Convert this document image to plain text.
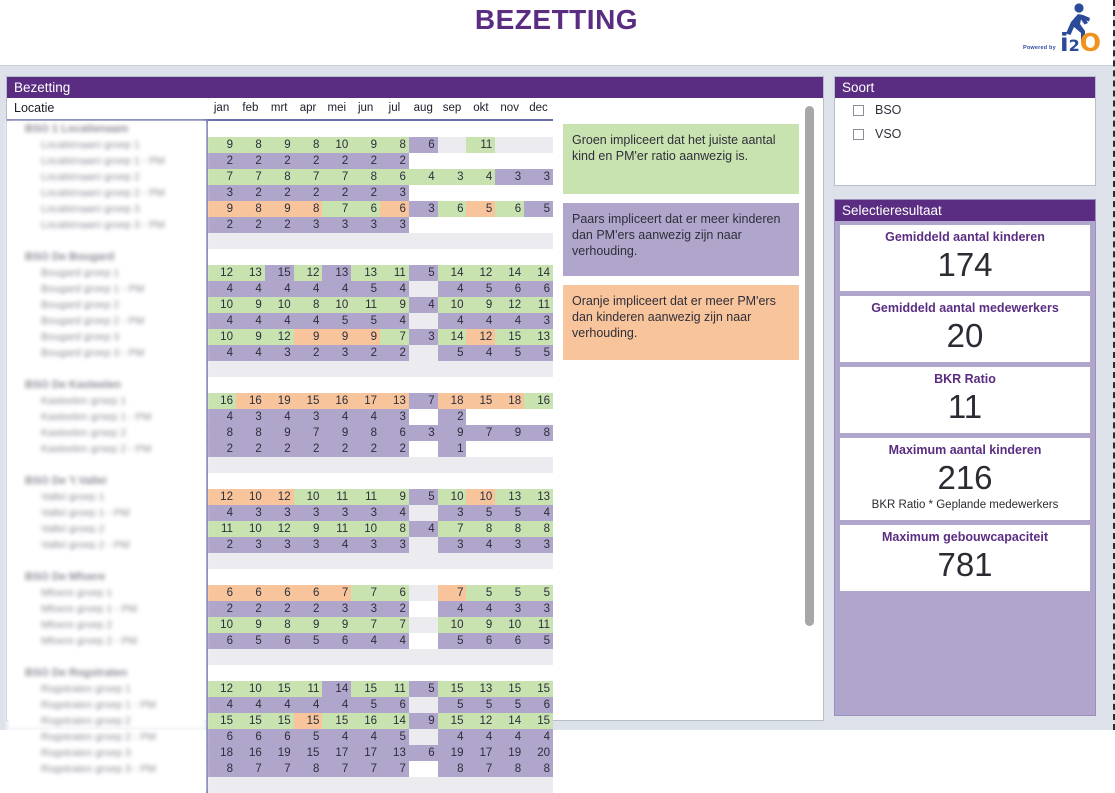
BEZETTING
Powered by i2O
Bezetting
Locatie	jan	feb	mrt	apr	mei	jun	jul	aug	sep	okt	nov	dec
BSO 1 Locatienaam												
Locatienaam groep 1	9	8	9	8	10	9	8	6		11		
Locatienaam groep 1 - PM	2	2	2	2	2	2	2					
Locatienaam groep 2	7	7	8	7	7	8	6	4	3	4	3	3
Locatienaam groep 2 - PM	3	2	2	2	2	2	3					
Locatienaam groep 3	9	8	9	8	7	6	6	3	6	5	6	5
Locatienaam groep 3 - PM	2	2	2	3	3	3	3					

BSO De Bougard												
Bougard groep 1	12	13	15	12	13	13	11	5	14	12	14	14
Bougard groep 1 - PM	4	4	4	4	4	5	4		4	5	6	6
Bougard groep 2	10	9	10	8	10	11	9	4	10	9	12	11
Bougard groep 2 - PM	4	4	4	4	5	5	4		4	4	4	3
Bougard groep 3	10	9	12	9	9	9	7	3	14	12	15	13
Bougard groep 3 - PM	4	4	3	2	3	2	2		5	4	5	5

BSO De Kasteelen												
Kasteelen groep 1	16	16	19	15	16	17	13	7	18	15	18	16
Kasteelen groep 1 - PM	4	3	4	3	4	4	3		2			
Kasteelen groep 2	8	8	9	7	9	8	6	3	9	7	9	8
Kasteelen groep 2 - PM	2	2	2	2	2	2	2		1			

BSO De 't Vallei												
Vallei groep 1	12	10	12	10	11	11	9	5	10	10	13	13
Vallei groep 1 - PM	4	3	3	3	3	3	4		3	5	5	4
Vallei groep 2	11	10	12	9	11	10	8	4	7	8	8	8
Vallei groep 2 - PM	2	3	3	3	4	3	3		3	4	3	3

BSO De Mfoere												
Mfoere groep 1	6	6	6	6	7	7	6		7	5	5	5
Mfoere groep 1 - PM	2	2	2	2	3	3	2		4	4	3	3
Mfoere groep 2	10	9	8	9	9	7	7		10	9	10	11
Mfoere groep 2 - PM	6	5	6	5	6	4	4		5	6	6	5

BSO De Rogstraten												
Rogstraten groep 1	12	10	15	11	14	15	11	5	15	13	15	15
Rogstraten groep 1 - PM	4	4	4	4	4	5	6		5	5	5	6
Rogstraten groep 2	15	15	15	15	15	16	14	9	15	12	14	15
Rogstraten groep 2 - PM	6	6	6	5	4	4	5		4	4	4	4
Rogstraten groep 3	18	16	19	15	17	17	13	6	19	17	19	20
Rogstraten groep 3 - PM	8	7	7	8	7	7	7		8	7	8	8

Groen impliceert dat het juiste aantal kind en PM'er ratio aanwezig is.
Paars impliceert dat er meer kinderen dan PM'ers aanwezig zijn naar verhouding.
Oranje impliceert dat er meer PM'ers dan kinderen aanwezig zijn naar verhouding.
Soort
BSO
VSO
Selectieresultaat
Gemiddeld aantal kinderen
174
Gemiddeld aantal medewerkers
20
BKR Ratio
11
Maximum aantal kinderen
216
BKR Ratio * Geplande medewerkers
Maximum gebouwcapaciteit
781
